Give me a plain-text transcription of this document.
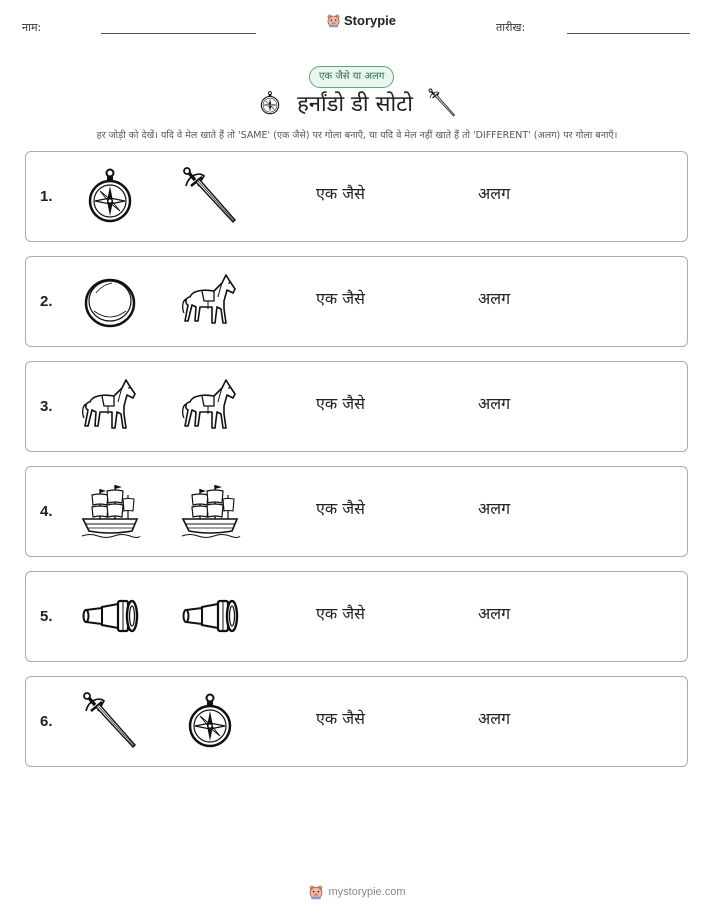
नाम:	Storypie	तारीख:
एक जैसे या अलग
हर्नांडो डी सोटो
हर जोड़ी को देखें। यदि वे मेल खाते हैं तो 'SAME' (एक जैसे) पर गोला बनाएँ, या यदि वे मेल नहीं खाते हैं तो 'DIFFERENT' (अलग) पर गोला बनाएँ।
1.	एक जैसे	अलग
2.	एक जैसे	अलग
3.	एक जैसे	अलग
4.	एक जैसे	अलग
5.	एक जैसे	अलग
6.	एक जैसे	अलग
mystorypie.com
